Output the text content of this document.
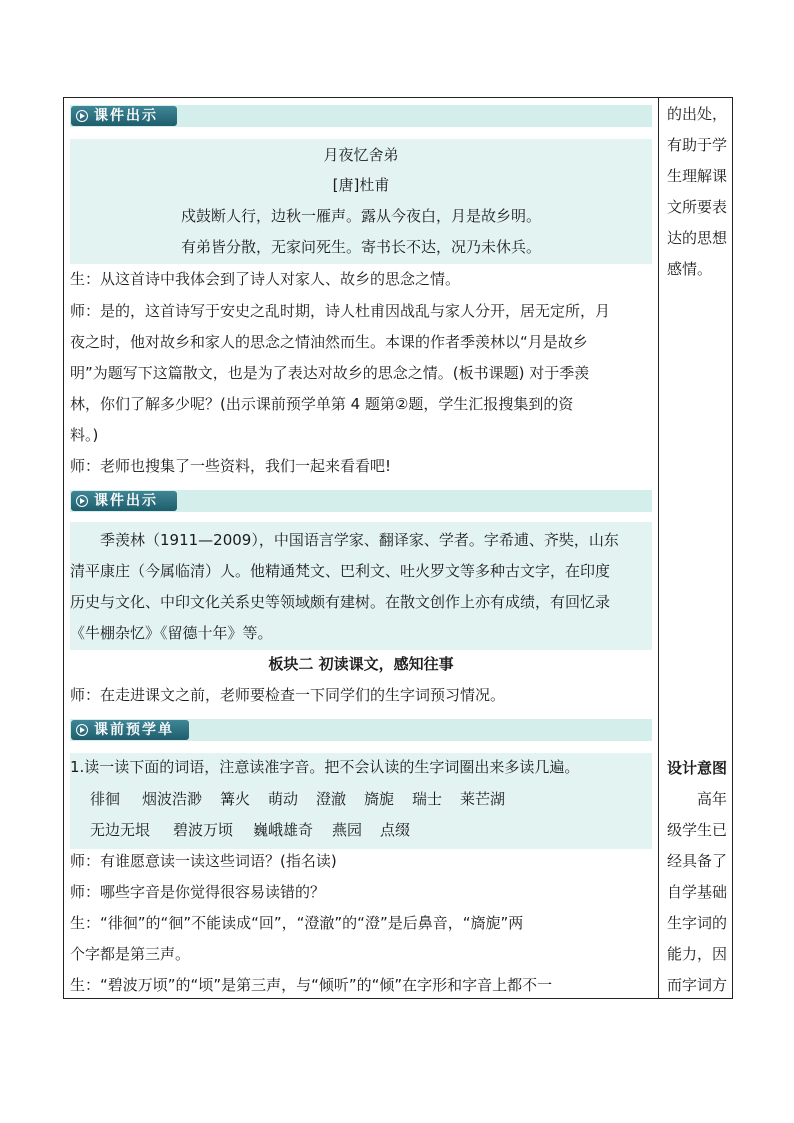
课件出示
月夜忆舍弟
[唐]杜甫
戍鼓断人行，边秋一雁声。露从今夜白，月是故乡明。
有弟皆分散，无家问死生。寄书长不达，况乃未休兵。
生：从这首诗中我体会到了诗人对家人、故乡的思念之情。
师：是的，这首诗写于安史之乱时期，诗人杜甫因战乱与家人分开，居无定所，月
夜之时，他对故乡和家人的思念之情油然而生。本课的作者季羡林以“月是故乡
明”为题写下这篇散文，也是为了表达对故乡的思念之情。(板书课题) 对于季羡
林，你们了解多少呢？(出示课前预学单第 4 题第②题，学生汇报搜集到的资
料。)
师：老师也搜集了一些资料，我们一起来看看吧!
课件出示
季羡林（1911—2009），中国语言学家、翻译家、学者。字希逋、齐奘，山东
清平康庄（今属临清）人。他精通梵文、巴利文、吐火罗文等多种古文字，在印度
历史与文化、中印文化关系史等领域颇有建树。在散文创作上亦有成绩，有回忆录
《牛棚杂忆》《留德十年》等。
板块二 初读课文，感知往事
师：在走进课文之前，老师要检查一下同学们的生字词预习情况。
课前预学单
1.读一读下面的词语，注意读准字音。把不会认读的生字词圈出来多读几遍。
徘徊 烟波浩渺 篝火 萌动 澄澈 旖旎 瑞士 莱芒湖
无边无垠 碧波万顷 巍峨雄奇 燕园 点缀
师：有谁愿意读一读这些词语？(指名读)
师：哪些字音是你觉得很容易读错的？
生：“徘徊”的“徊”不能读成“回”，“澄澈”的“澄”是后鼻音，“旖旎”两
个字都是第三声。
生：“碧波万顷”的“顷”是第三声，与“倾听”的“倾”在字形和字音上都不一
的出处，
有助于学
生理解课
文所要表
达的思想
感情。
设计意图
高年
级学生已
经具备了
自学基础
生字词的
能力，因
而字词方
